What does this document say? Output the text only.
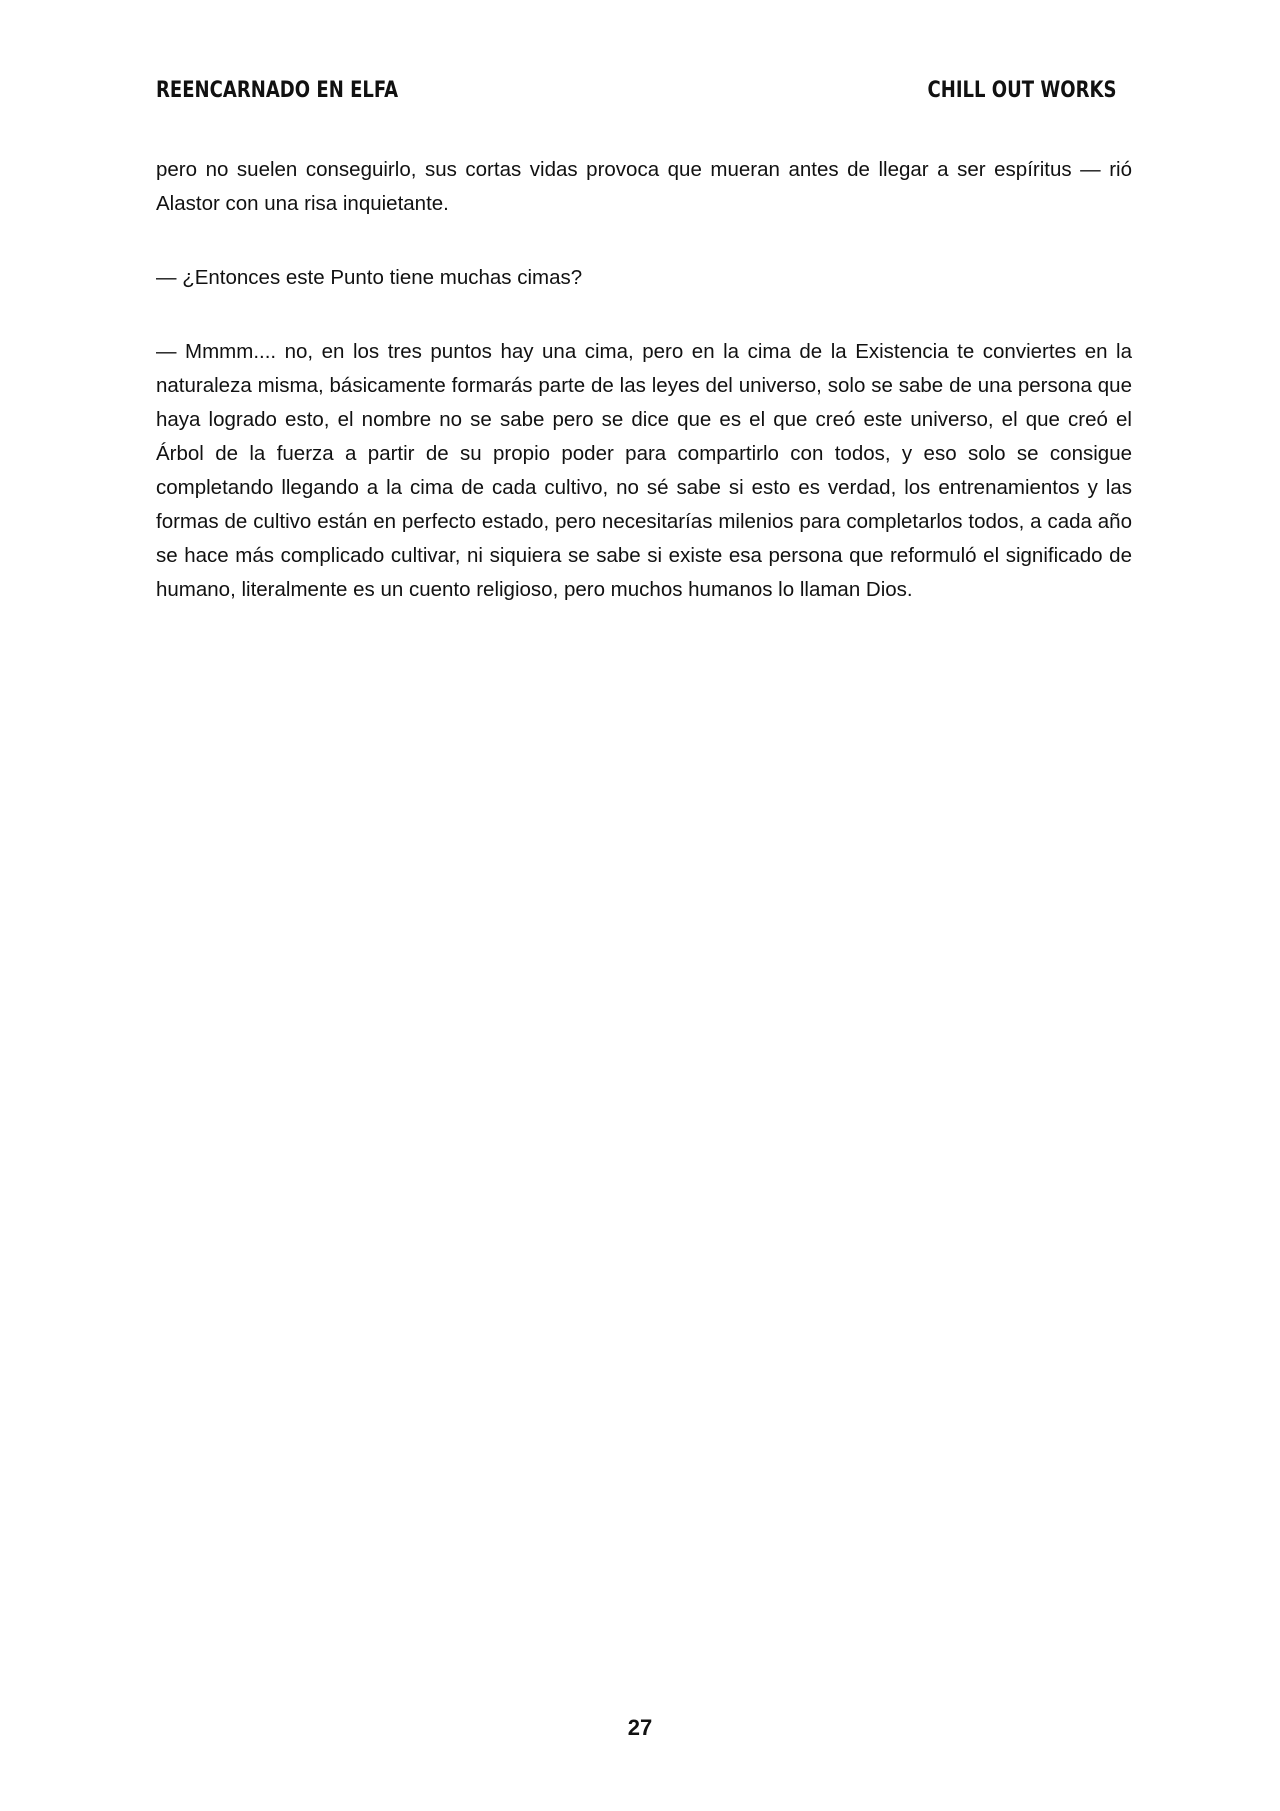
REENCARNADO EN ELFA	CHILL OUT WORKS

pero no suelen conseguirlo, sus cortas vidas provoca que mueran antes de llegar a ser espíritus — rió Alastor con una risa inquietante.

— ¿Entonces este Punto tiene muchas cimas?

— Mmmm.... no, en los tres puntos hay una cima, pero en la cima de la Existencia te conviertes en la naturaleza misma, básicamente formarás parte de las leyes del universo, solo se sabe de una persona que haya logrado esto, el nombre no se sabe pero se dice que es el que creó este universo, el que creó el Árbol de la fuerza a partir de su propio poder para compartirlo con todos, y eso solo se consigue completando llegando a la cima de cada cultivo, no sé sabe si esto es verdad, los entrenamientos y las formas de cultivo están en perfecto estado, pero necesitarías milenios para completarlos todos, a cada año se hace más complicado cultivar, ni siquiera se sabe si existe esa persona que reformuló el significado de humano, literalmente es un cuento religioso, pero muchos humanos lo llaman Dios.

27
